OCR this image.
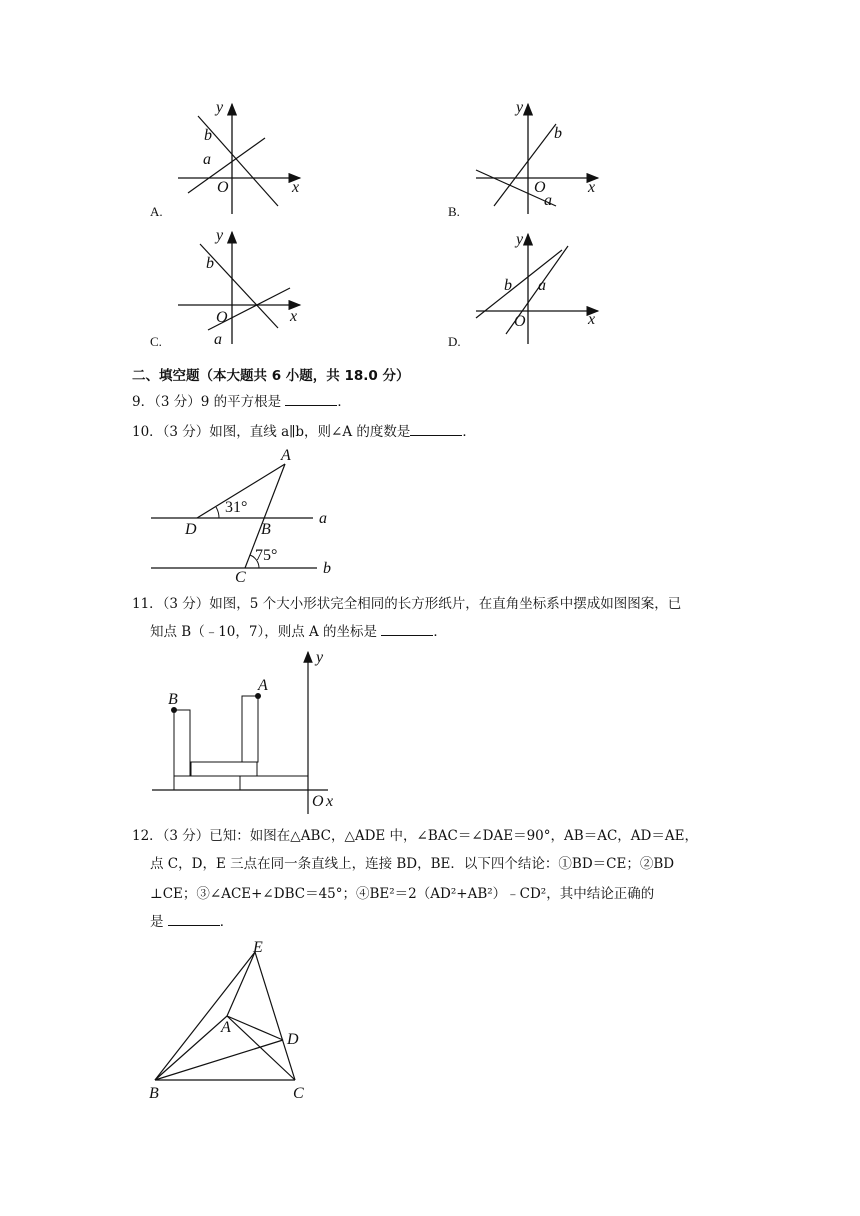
y
x
O
b
a
A.
y
x
O
b
a
B.
y
x
O
b
a
C.
y
x
O
b a
D.
二、填空题（本大题共 6 小题，共 18.0 分）
9．（3 分）9 的平方根是	．
10．（3 分）如图，直线 a∥b，则∠A 的度数是	．
A
B
C
D
31°
75°
a
b
11．（3 分）如图，5 个大小形状完全相同的长方形纸片，在直角坐标系中摆成如图图案，已
知点 B（﹣10，7），则点 A 的坐标是	．
B
A
O x
y
12．（3 分）已知：如图在△ABC，△ADE 中，∠BAC＝∠DAE＝90°，AB＝AC，AD＝AE，
点 C，D，E 三点在同一条直线上，连接 BD，BE．以下四个结论：①BD＝CE；②BD
⊥CE；③∠ACE+∠DBC＝45°；④BE²＝2（AD²+AB²）﹣CD²，其中结论正确的
是	．
E
A
D
B	C
